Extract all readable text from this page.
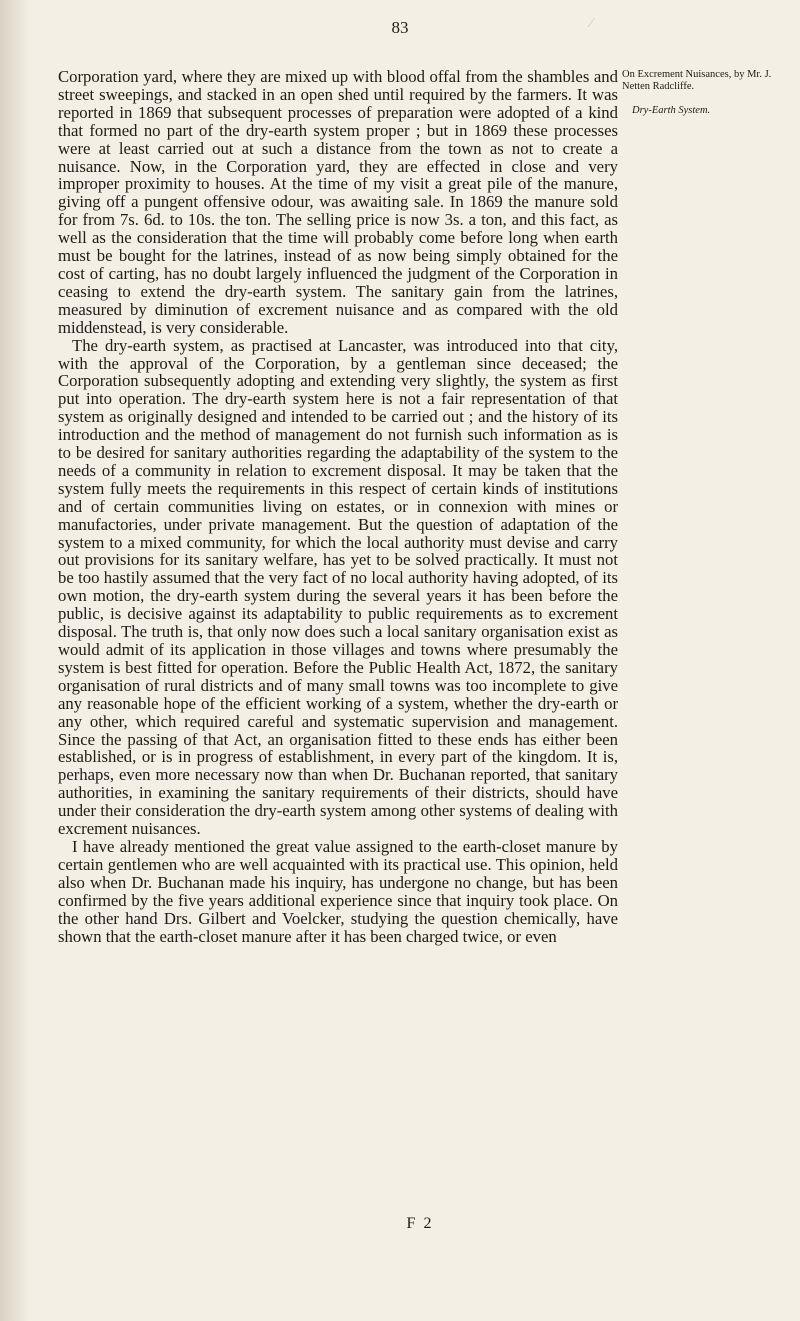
83	⁄

Corporation yard, where they are mixed up with blood offal from the shambles and street sweepings, and stacked in an open shed until required by the farmers. It was reported in 1869 that subsequent processes of preparation were adopted of a kind that formed no part of the dry-earth system proper ; but in 1869 these processes were at least carried out at such a distance from the town as not to create a nuisance. Now, in the Corporation yard, they are effected in close and very improper proximity to houses. At the time of my visit a great pile of the manure, giving off a pungent offensive odour, was awaiting sale. In 1869 the manure sold for from 7s. 6d. to 10s. the ton. The selling price is now 3s. a ton, and this fact, as well as the consideration that the time will probably come before long when earth must be bought for the latrines, instead of as now being simply obtained for the cost of carting, has no doubt largely influenced the judgment of the Corporation in ceasing to extend the dry-earth system. The sanitary gain from the latrines, measured by diminution of excrement nuisance and as compared with the old middenstead, is very considerable.

The dry-earth system, as practised at Lancaster, was introduced into that city, with the approval of the Corporation, by a gentleman since deceased; the Corporation subsequently adopting and extending very slightly, the system as first put into operation. The dry-earth system here is not a fair representation of that system as originally designed and intended to be carried out ; and the history of its introduction and the method of management do not furnish such information as is to be desired for sanitary authorities regarding the adaptability of the system to the needs of a community in relation to excrement disposal. It may be taken that the system fully meets the requirements in this respect of certain kinds of institutions and of certain communities living on estates, or in connexion with mines or manufactories, under private management. But the question of adaptation of the system to a mixed community, for which the local authority must devise and carry out provisions for its sanitary welfare, has yet to be solved practically. It must not be too hastily assumed that the very fact of no local authority having adopted, of its own motion, the dry-earth system during the several years it has been before the public, is decisive against its adaptability to public requirements as to excrement disposal. The truth is, that only now does such a local sanitary organisation exist as would admit of its application in those villages and towns where presumably the system is best fitted for operation. Before the Public Health Act, 1872, the sanitary organisation of rural districts and of many small towns was too incomplete to give any reasonable hope of the efficient working of a system, whether the dry-earth or any other, which required careful and systematic supervision and management. Since the passing of that Act, an organisation fitted to these ends has either been established, or is in progress of establishment, in every part of the kingdom. It is, perhaps, even more necessary now than when Dr. Buchanan reported, that sanitary authorities, in examining the sanitary requirements of their districts, should have under their consideration the dry-earth system among other systems of dealing with excrement nuisances.

I have already mentioned the great value assigned to the earth-closet manure by certain gentlemen who are well acquainted with its practical use. This opinion, held also when Dr. Buchanan made his inquiry, has undergone no change, but has been confirmed by the five years additional experience since that inquiry took place. On the other hand Drs. Gilbert and Voelcker, studying the question chemically, have shown that the earth-closet manure after it has been charged twice, or even

On Excrement Nuisances, by Mr. J. Netten Radcliffe.

Dry-Earth System.

F 2
